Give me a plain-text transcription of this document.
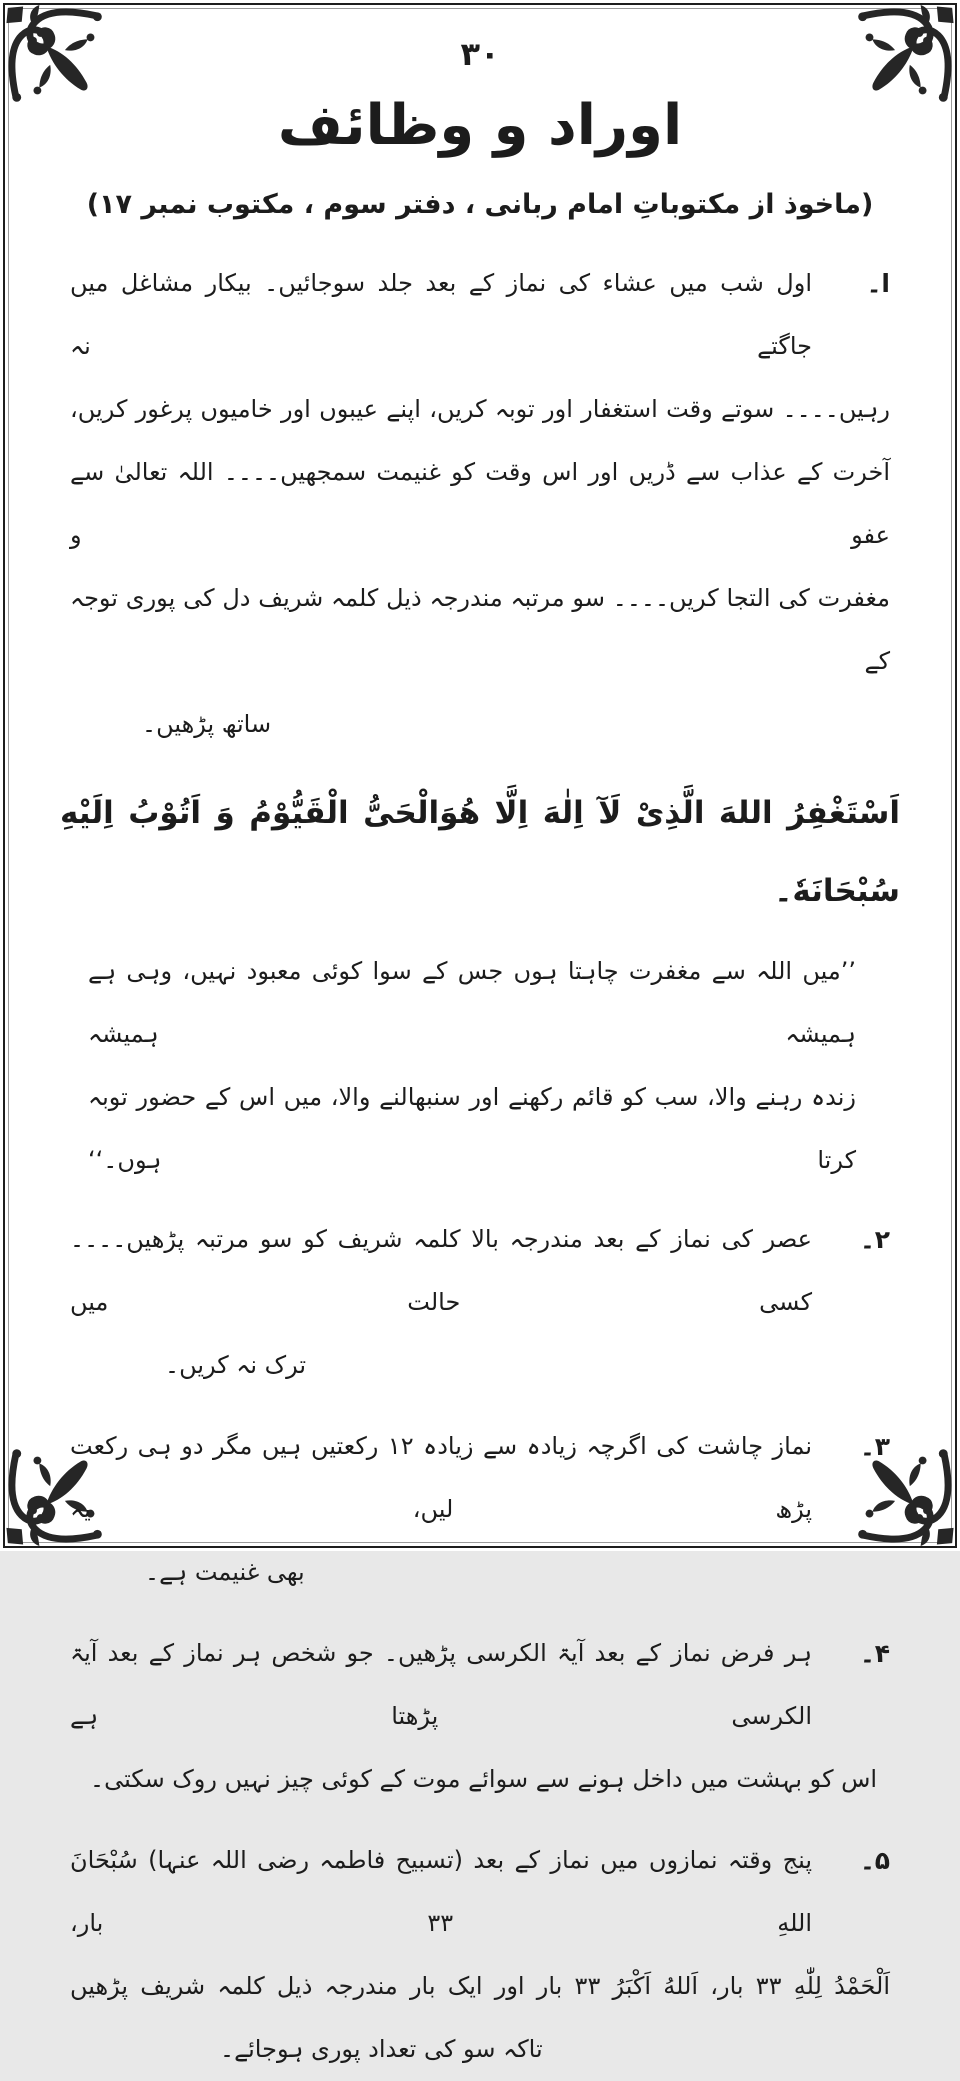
۳۰
اوراد و وظائف
(ماخوذ از مکتوباتِ امام ربانی ، دفتر سوم ، مکتوب نمبر ۱۷)
ا۔
اول شب میں عشاء کی نماز کے بعد جلد سوجائیں۔ بیکار مشاغل میں جاگتے نہ
رہیں۔۔۔۔ سوتے وقت استغفار اور توبہ کریں، اپنے عیبوں اور خامیوں پرغور کریں،
آخرت کے عذاب سے ڈریں اور اس وقت کو غنیمت سمجھیں۔۔۔۔ اللہ تعالیٰ سے عفو و
مغفرت کی التجا کریں۔۔۔۔ سو مرتبہ مندرجہ ذیل کلمہ شریف دل کی پوری توجہ کے
ساتھ پڑھیں۔
اَسْتَغْفِرُ اللهَ الَّذِیْ لَآ اِلٰهَ اِلَّا هُوَالْحَیُّ الْقَیُّوْمُ وَ اَتُوْبُ اِلَیْهِ سُبْحَانَهٗ۔
’’میں اللہ سے مغفرت چاہتا ہوں جس کے سوا کوئی معبود نہیں، وہی ہے ہمیشہ ہمیشہ
زندہ رہنے والا، سب کو قائم رکھنے اور سنبھالنے والا، میں اس کے حضور توبہ کرتا ہوں۔‘‘
۲۔
عصر کی نماز کے بعد مندرجہ بالا کلمہ شریف کو سو مرتبہ پڑھیں۔۔۔۔ کسی حالت میں
ترک نہ کریں۔
۳۔
نماز چاشت کی اگرچہ زیادہ سے زیادہ ۱۲ رکعتیں ہیں مگر دو ہی رکعت پڑھ لیں، یہ
بھی غنیمت ہے۔
۴۔
ہر فرض نماز کے بعد آیۃ الکرسی پڑھیں۔ جو شخص ہر نماز کے بعد آیۃ الکرسی پڑھتا ہے
اس کو بہشت میں داخل ہونے سے سوائے موت کے کوئی چیز نہیں روک سکتی۔
۵۔
پنج وقتہ نمازوں میں نماز کے بعد (تسبیح فاطمہ رضی اللہ عنہا) سُبْحَانَ اللهِ ۳۳ بار،
اَلْحَمْدُ لِلّٰهِ ۳۳ بار، اَللهُ اَکْبَرُ ۳۳ بار اور ایک بار مندرجہ ذیل کلمہ شریف پڑھیں
تاکہ سو کی تعداد پوری ہوجائے۔
